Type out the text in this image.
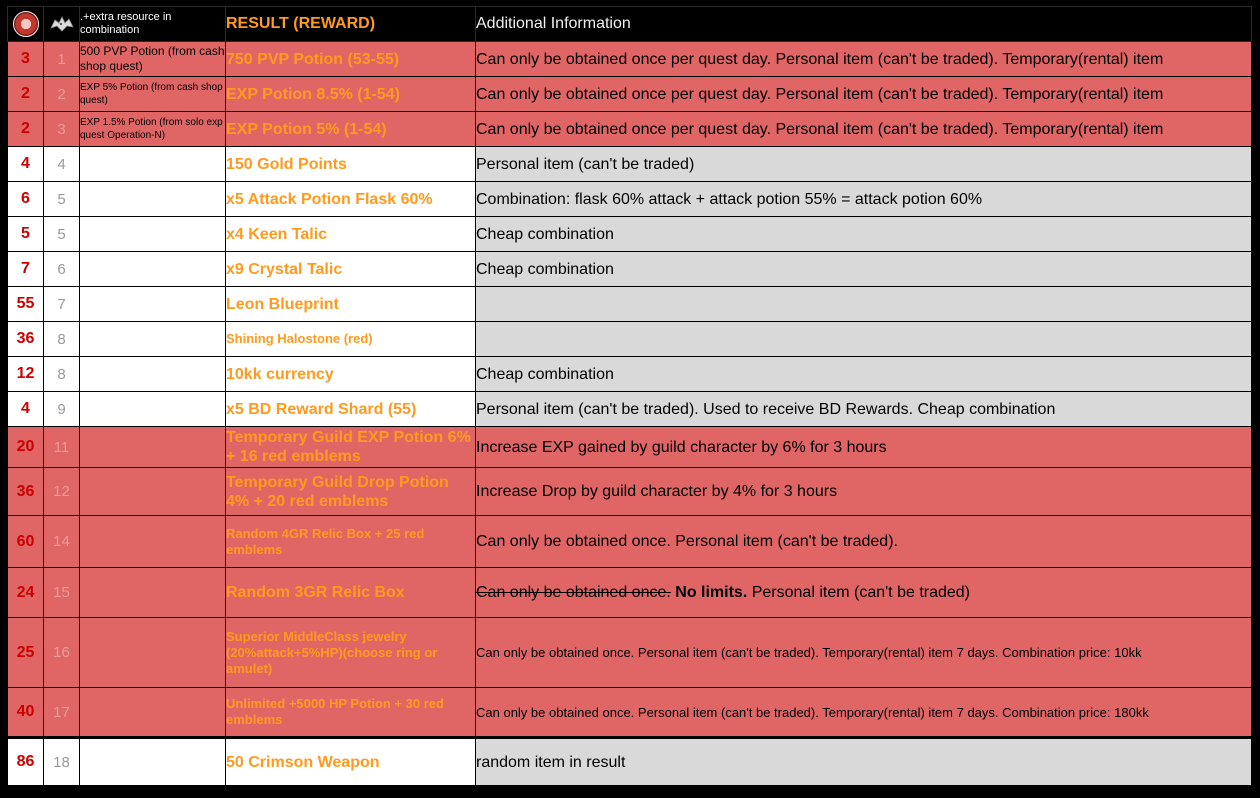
		.+extra resource in combination	RESULT (REWARD)	Additional Information
3	1	500 PVP Potion (from cash shop quest)	750 PVP Potion (53-55)	Can only be obtained once per quest day. Personal item (can't be traded). Temporary(rental) item
2	2	EXP 5% Potion (from cash shop quest)	EXP Potion 8.5% (1-54)	Can only be obtained once per quest day. Personal item (can't be traded). Temporary(rental) item
2	3	EXP 1.5% Potion (from solo exp quest Operation-N)	EXP Potion 5% (1-54)	Can only be obtained once per quest day. Personal item (can't be traded). Temporary(rental) item
4	4		150 Gold Points	Personal item (can't be traded)
6	5		x5 Attack Potion Flask 60%	Combination: flask 60% attack + attack potion 55% = attack potion 60%
5	5		x4 Keen Talic	Cheap combination
7	6		x9 Crystal Talic	Cheap combination
55	7		Leon Blueprint	
36	8		Shining Halostone (red)	
12	8		10kk currency	Cheap combination
4	9		x5 BD Reward Shard (55)	Personal item (can't be traded). Used to receive BD Rewards. Cheap combination
20	11		Temporary Guild EXP Potion 6% + 16 red emblems	Increase EXP gained by guild character by 6% for 3 hours
36	12		Temporary Guild Drop Potion 4% + 20 red emblems	Increase Drop by guild character by 4% for 3 hours
60	14		Random 4GR Relic Box + 25 red emblems	Can only be obtained once. Personal item (can't be traded).
24	15		Random 3GR Relic Box	Can only be obtained once. No limits. Personal item (can't be traded)
25	16		Superior MiddleClass jewelry (20%attack+5%HP)(choose ring or amulet)	Can only be obtained once. Personal item (can't be traded). Temporary(rental) item 7 days. Combination price: 10kk
40	17		Unlimited +5000 HP Potion + 30 red emblems	Can only be obtained once. Personal item (can't be traded). Temporary(rental) item 7 days. Combination price: 180kk
86	18		50 Crimson Weapon	random item in result
